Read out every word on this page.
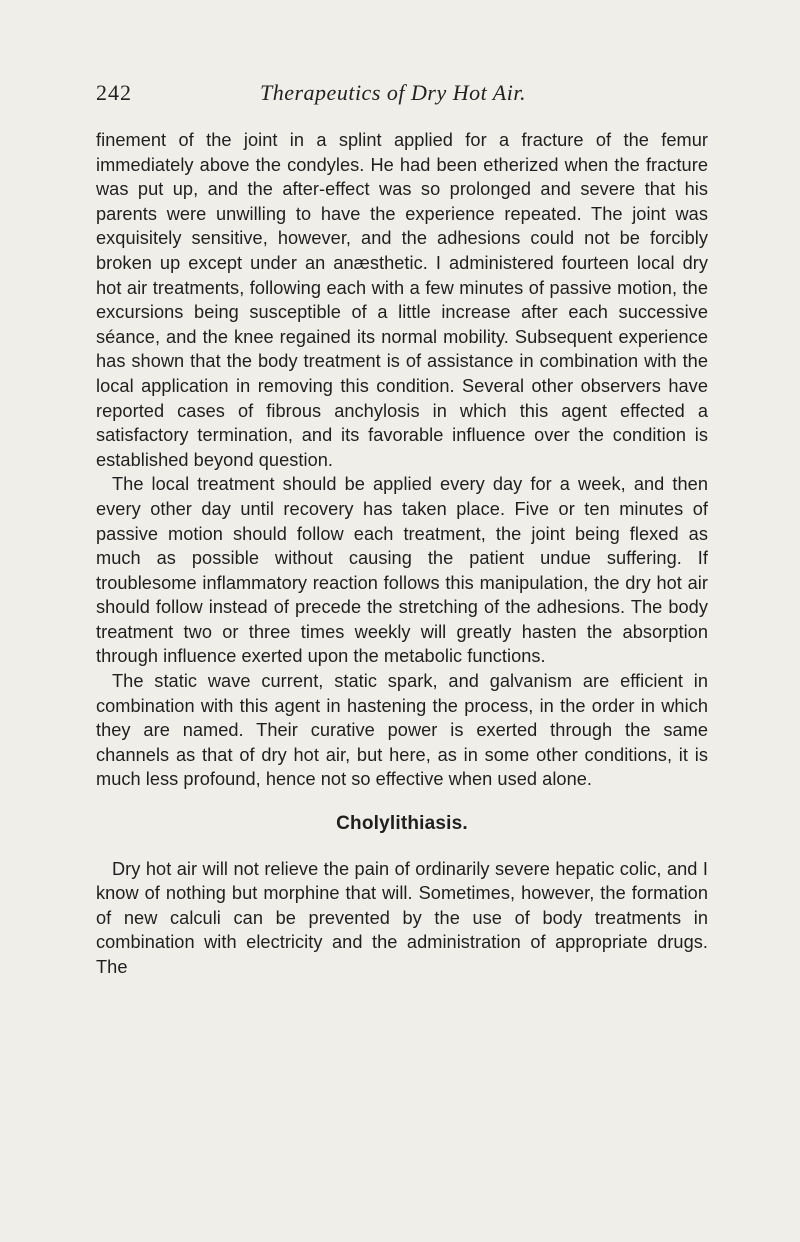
242	Therapeutics of Dry Hot Air.

finement of the joint in a splint applied for a fracture of the femur immediately above the condyles. He had been etherized when the fracture was put up, and the after-effect was so prolonged and severe that his parents were unwilling to have the experience repeated. The joint was exquisitely sensitive, however, and the adhesions could not be forcibly broken up except under an anæsthetic. I administered fourteen local dry hot air treatments, following each with a few minutes of passive motion, the excursions being susceptible of a little increase after each successive séance, and the knee regained its normal mobility. Subsequent experience has shown that the body treatment is of assistance in combination with the local application in removing this condition. Several other observers have reported cases of fibrous anchylosis in which this agent effected a satisfactory termination, and its favorable influence over the condition is established beyond question.

The local treatment should be applied every day for a week, and then every other day until recovery has taken place. Five or ten minutes of passive motion should follow each treatment, the joint being flexed as much as possible without causing the patient undue suffering. If troublesome inflammatory reaction follows this manipulation, the dry hot air should follow instead of precede the stretching of the adhesions. The body treatment two or three times weekly will greatly hasten the absorption through influence exerted upon the metabolic functions.

The static wave current, static spark, and galvanism are efficient in combination with this agent in hastening the process, in the order in which they are named. Their curative power is exerted through the same channels as that of dry hot air, but here, as in some other conditions, it is much less profound, hence not so effective when used alone.

Cholylithiasis.

Dry hot air will not relieve the pain of ordinarily severe hepatic colic, and I know of nothing but morphine that will. Sometimes, however, the formation of new calculi can be prevented by the use of body treatments in combination with electricity and the administration of appropriate drugs. The
